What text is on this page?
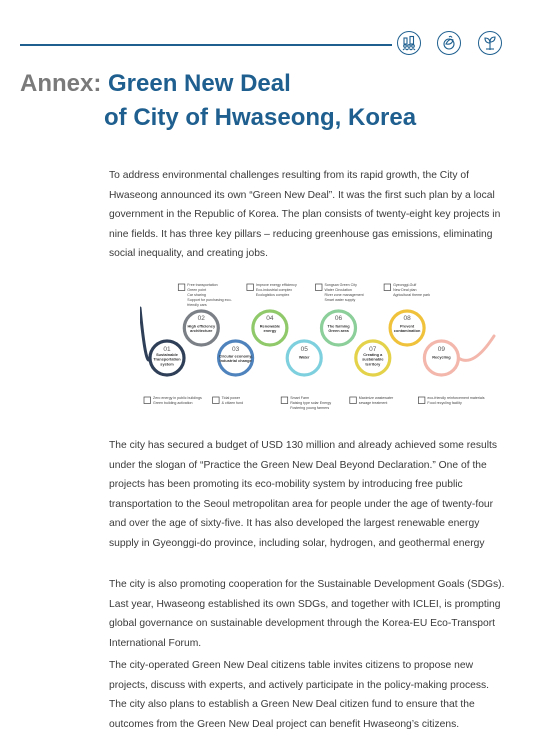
Annex: Green New Deal
of City of Hwaseong, Korea

To address environmental challenges resulting from its rapid growth, the City of Hwaseong announced its own “Green New Deal”. It was the first such plan by a local government in the Republic of Korea. The plan consists of twenty-eight key projects in nine fields. It has three key pillars – reducing greenhouse gas emissions, eliminating social inequality, and creating jobs.

01
Sustainable
Transportation
system
Zero energy in public buildings
Green building activation
02
High efficiency
architecture
Free transportation
Green point
Car sharing
Support for purchasing eco-
friendly cars
03
Circular economy,
Industrial change
Tidal power
& citizen fund
04
Renewable
energy
Improve energy efficiency
Eco-industrial complex
Ecologistics complex
05
Water
Smart Farm
Raising type solar Energy
Fostering young farmers
06
The farming
Green area
Songsan Green City
Water Circulation
River zone management
Smart water supply
07
Creating a
sustainable
territory
Maximize wastewater
sewage treatment
08
Prevent
contamination
Gyeonggi-Gulf
New Deal plan
Agricultural theme park
09
Recycling
eco-friendly reinforcement materials
Food recycling facility

The city has secured a budget of USD 130 million and already achieved some results under the slogan of “Practice the Green New Deal Beyond Declaration.” One of the projects has been promoting its eco-mobility system by introducing free public transportation to the Seoul metropolitan area for people under the age of twenty-four and over the age of sixty-five. It has also developed the largest renewable energy supply in Gyeonggi-do province, including solar, hydrogen, and geothermal energy

The city is also promoting cooperation for the Sustainable Development Goals (SDGs). Last year, Hwaseong established its own SDGs, and together with ICLEI, is prompting global governance on sustainable development through the Korea-EU Eco-Transport International Forum.

The city-operated Green New Deal citizens table invites citizens to propose new projects, discuss with experts, and actively participate in the policy-making process. The city also plans to establish a Green New Deal citizen fund to ensure that the outcomes from the Green New Deal project can benefit Hwaseong’s citizens.
